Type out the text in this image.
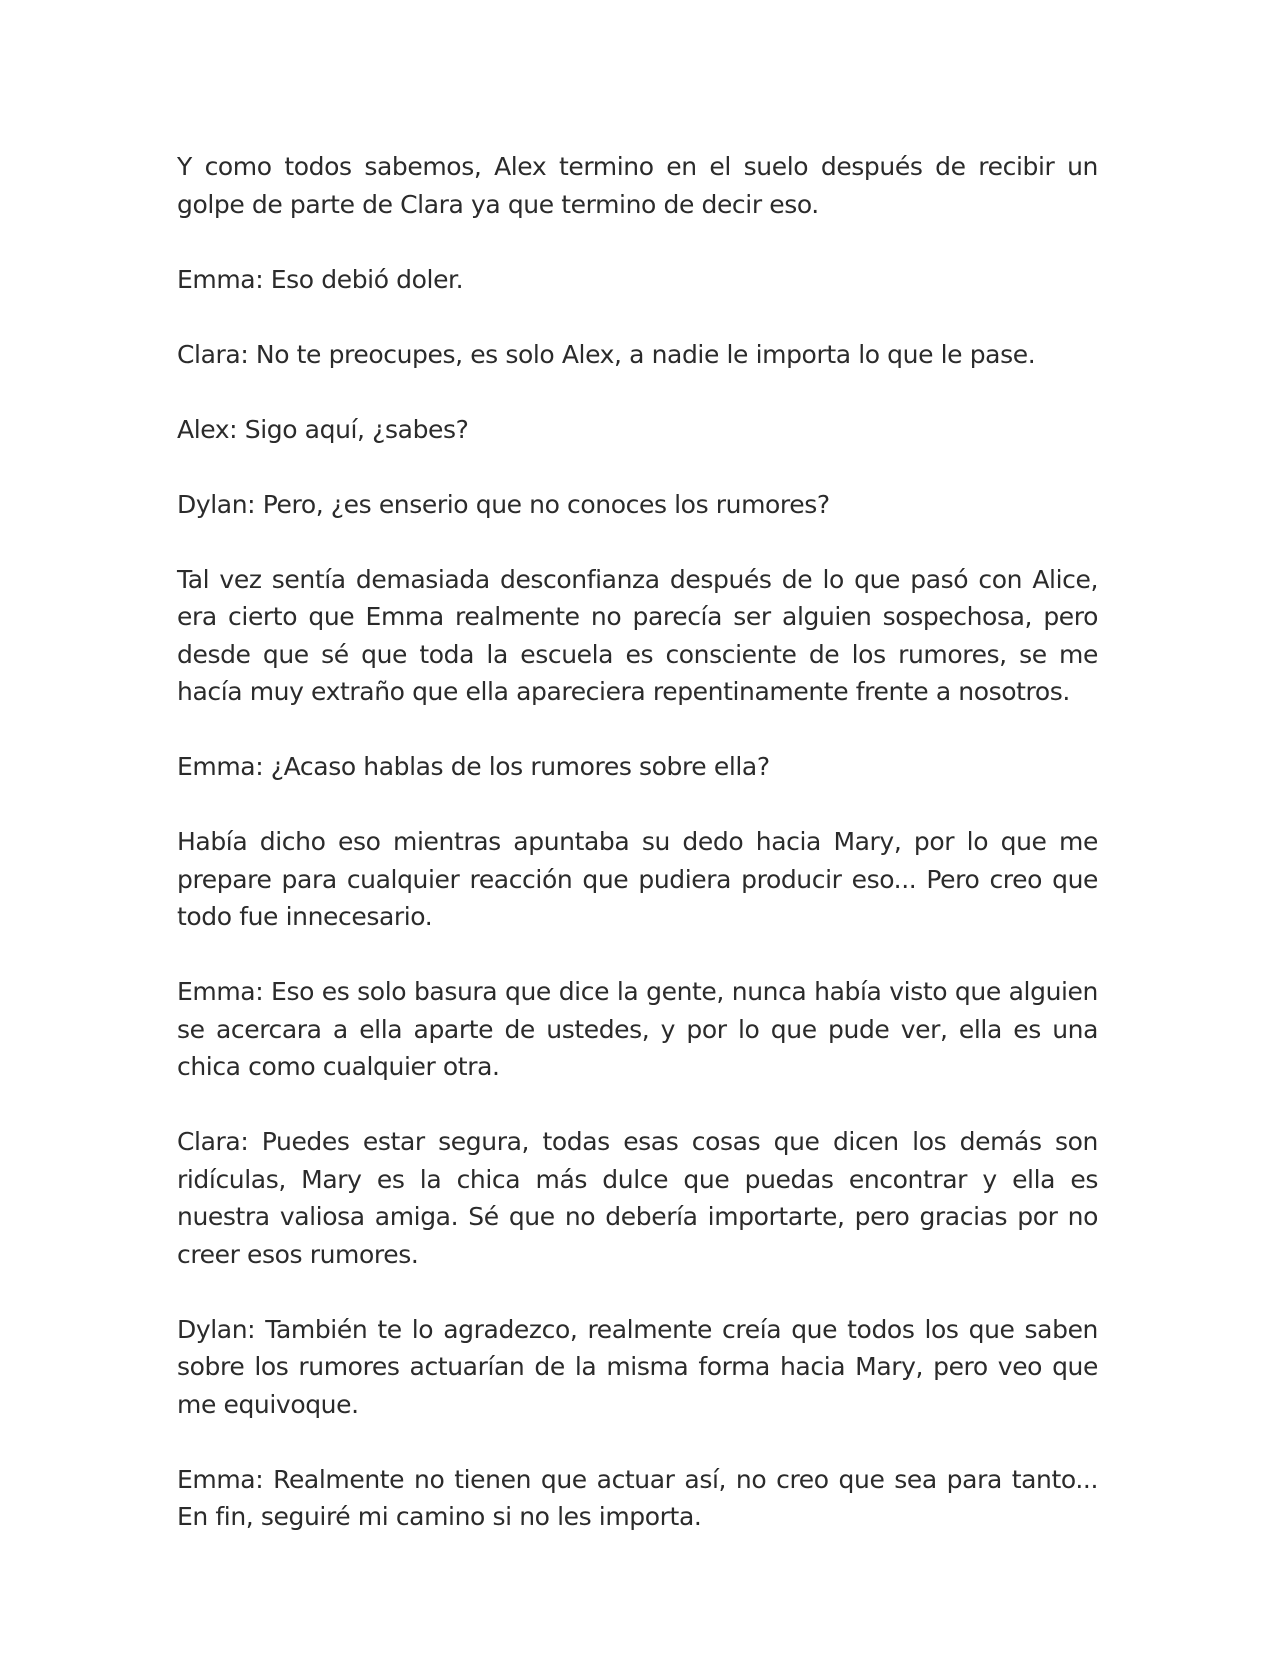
Y como todos sabemos, Alex termino en el suelo después de recibir un golpe de parte de Clara ya que termino de decir eso.

Emma: Eso debió doler.

Clara: No te preocupes, es solo Alex, a nadie le importa lo que le pase.

Alex: Sigo aquí, ¿sabes?

Dylan: Pero, ¿es enserio que no conoces los rumores?

Tal vez sentía demasiada desconfianza después de lo que pasó con Alice, era cierto que Emma realmente no parecía ser alguien sospechosa, pero desde que sé que toda la escuela es consciente de los rumores, se me hacía muy extraño que ella apareciera repentinamente frente a nosotros.

Emma: ¿Acaso hablas de los rumores sobre ella?

Había dicho eso mientras apuntaba su dedo hacia Mary, por lo que me prepare para cualquier reacción que pudiera producir eso... Pero creo que todo fue innecesario.

Emma: Eso es solo basura que dice la gente, nunca había visto que alguien se acercara a ella aparte de ustedes, y por lo que pude ver, ella es una chica como cualquier otra.

Clara: Puedes estar segura, todas esas cosas que dicen los demás son ridículas, Mary es la chica más dulce que puedas encontrar y ella es nuestra valiosa amiga. Sé que no debería importarte, pero gracias por no creer esos rumores.

Dylan: También te lo agradezco, realmente creía que todos los que saben sobre los rumores actuarían de la misma forma hacia Mary, pero veo que me equivoque.

Emma: Realmente no tienen que actuar así, no creo que sea para tanto... En fin, seguiré mi camino si no les importa.
